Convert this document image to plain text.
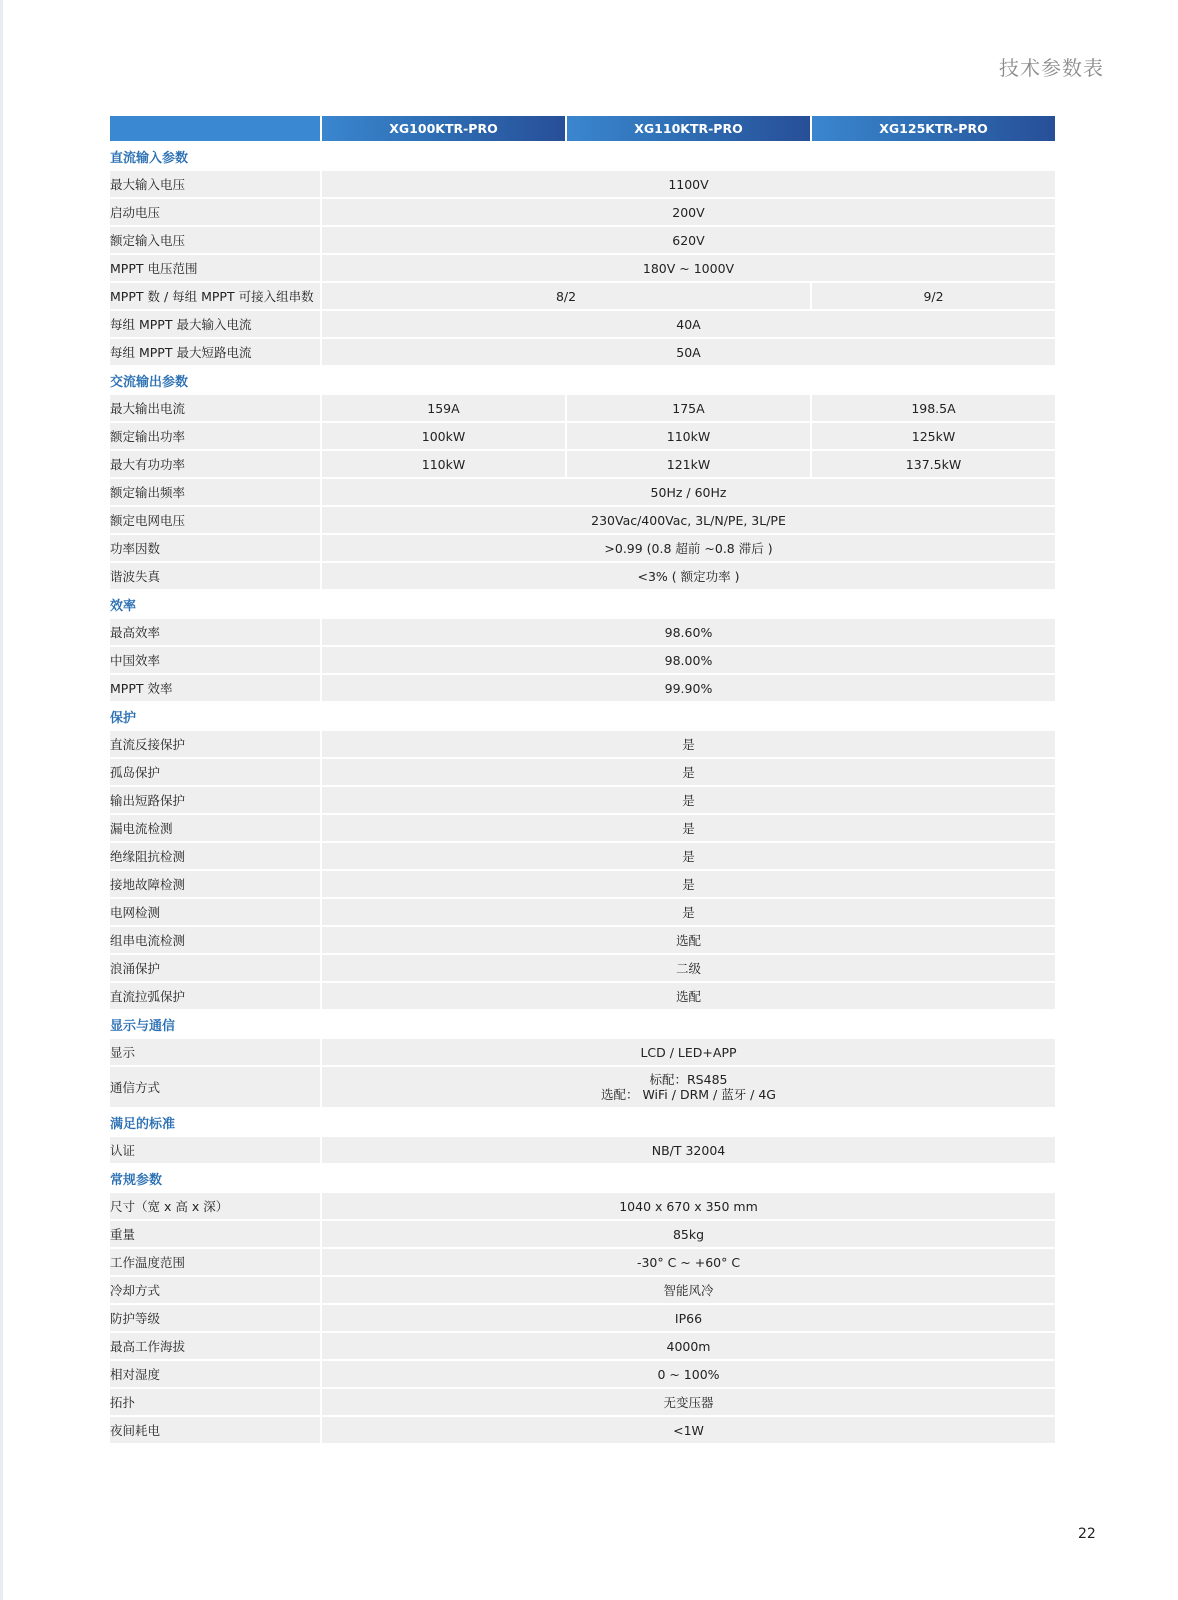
技术参数表
	XG100KTR-PRO	XG110KTR-PRO	XG125KTR-PRO
直流输入参数			
最大输入电压	1100V		
启动电压	200V		
额定输入电压	620V		
MPPT 电压范围	180V ~ 1000V		
MPPT 数 / 每组 MPPT 可接入组串数	8/2		9/2
每组 MPPT 最大输入电流	40A		
每组 MPPT 最大短路电流	50A		
交流输出参数			
最大输出电流	159A	175A	198.5A
额定输出功率	100kW	110kW	125kW
最大有功功率	110kW	121kW	137.5kW
额定输出频率	50Hz / 60Hz		
额定电网电压	230Vac/400Vac, 3L/N/PE, 3L/PE		
功率因数	>0.99 (0.8 超前 ~0.8 滞后 )		
谐波失真	<3% ( 额定功率 )		
效率			
最高效率	98.60%		
中国效率	98.00%		
MPPT 效率	99.90%		
保护			
直流反接保护	是		
孤岛保护	是		
输出短路保护	是		
漏电流检测	是		
绝缘阻抗检测	是		
接地故障检测	是		
电网检测	是		
组串电流检测	选配		
浪涌保护	二级		
直流拉弧保护	选配		
显示与通信			
显示	LCD / LED+APP		
通信方式	标配：RS485
选配： WiFi / DRM / 蓝牙 / 4G		

满足的标准			
认证	NB/T 32004		
常规参数			
尺寸（宽 x 高 x 深）	1040 x 670 x 350 mm		
重量	85kg		
工作温度范围	-30° C ~ +60° C		
冷却方式	智能风冷		
防护等级	IP66		
最高工作海拔	4000m		
相对湿度	0 ~ 100%		
拓扑	无变压器		
夜间耗电	<1W		
22
